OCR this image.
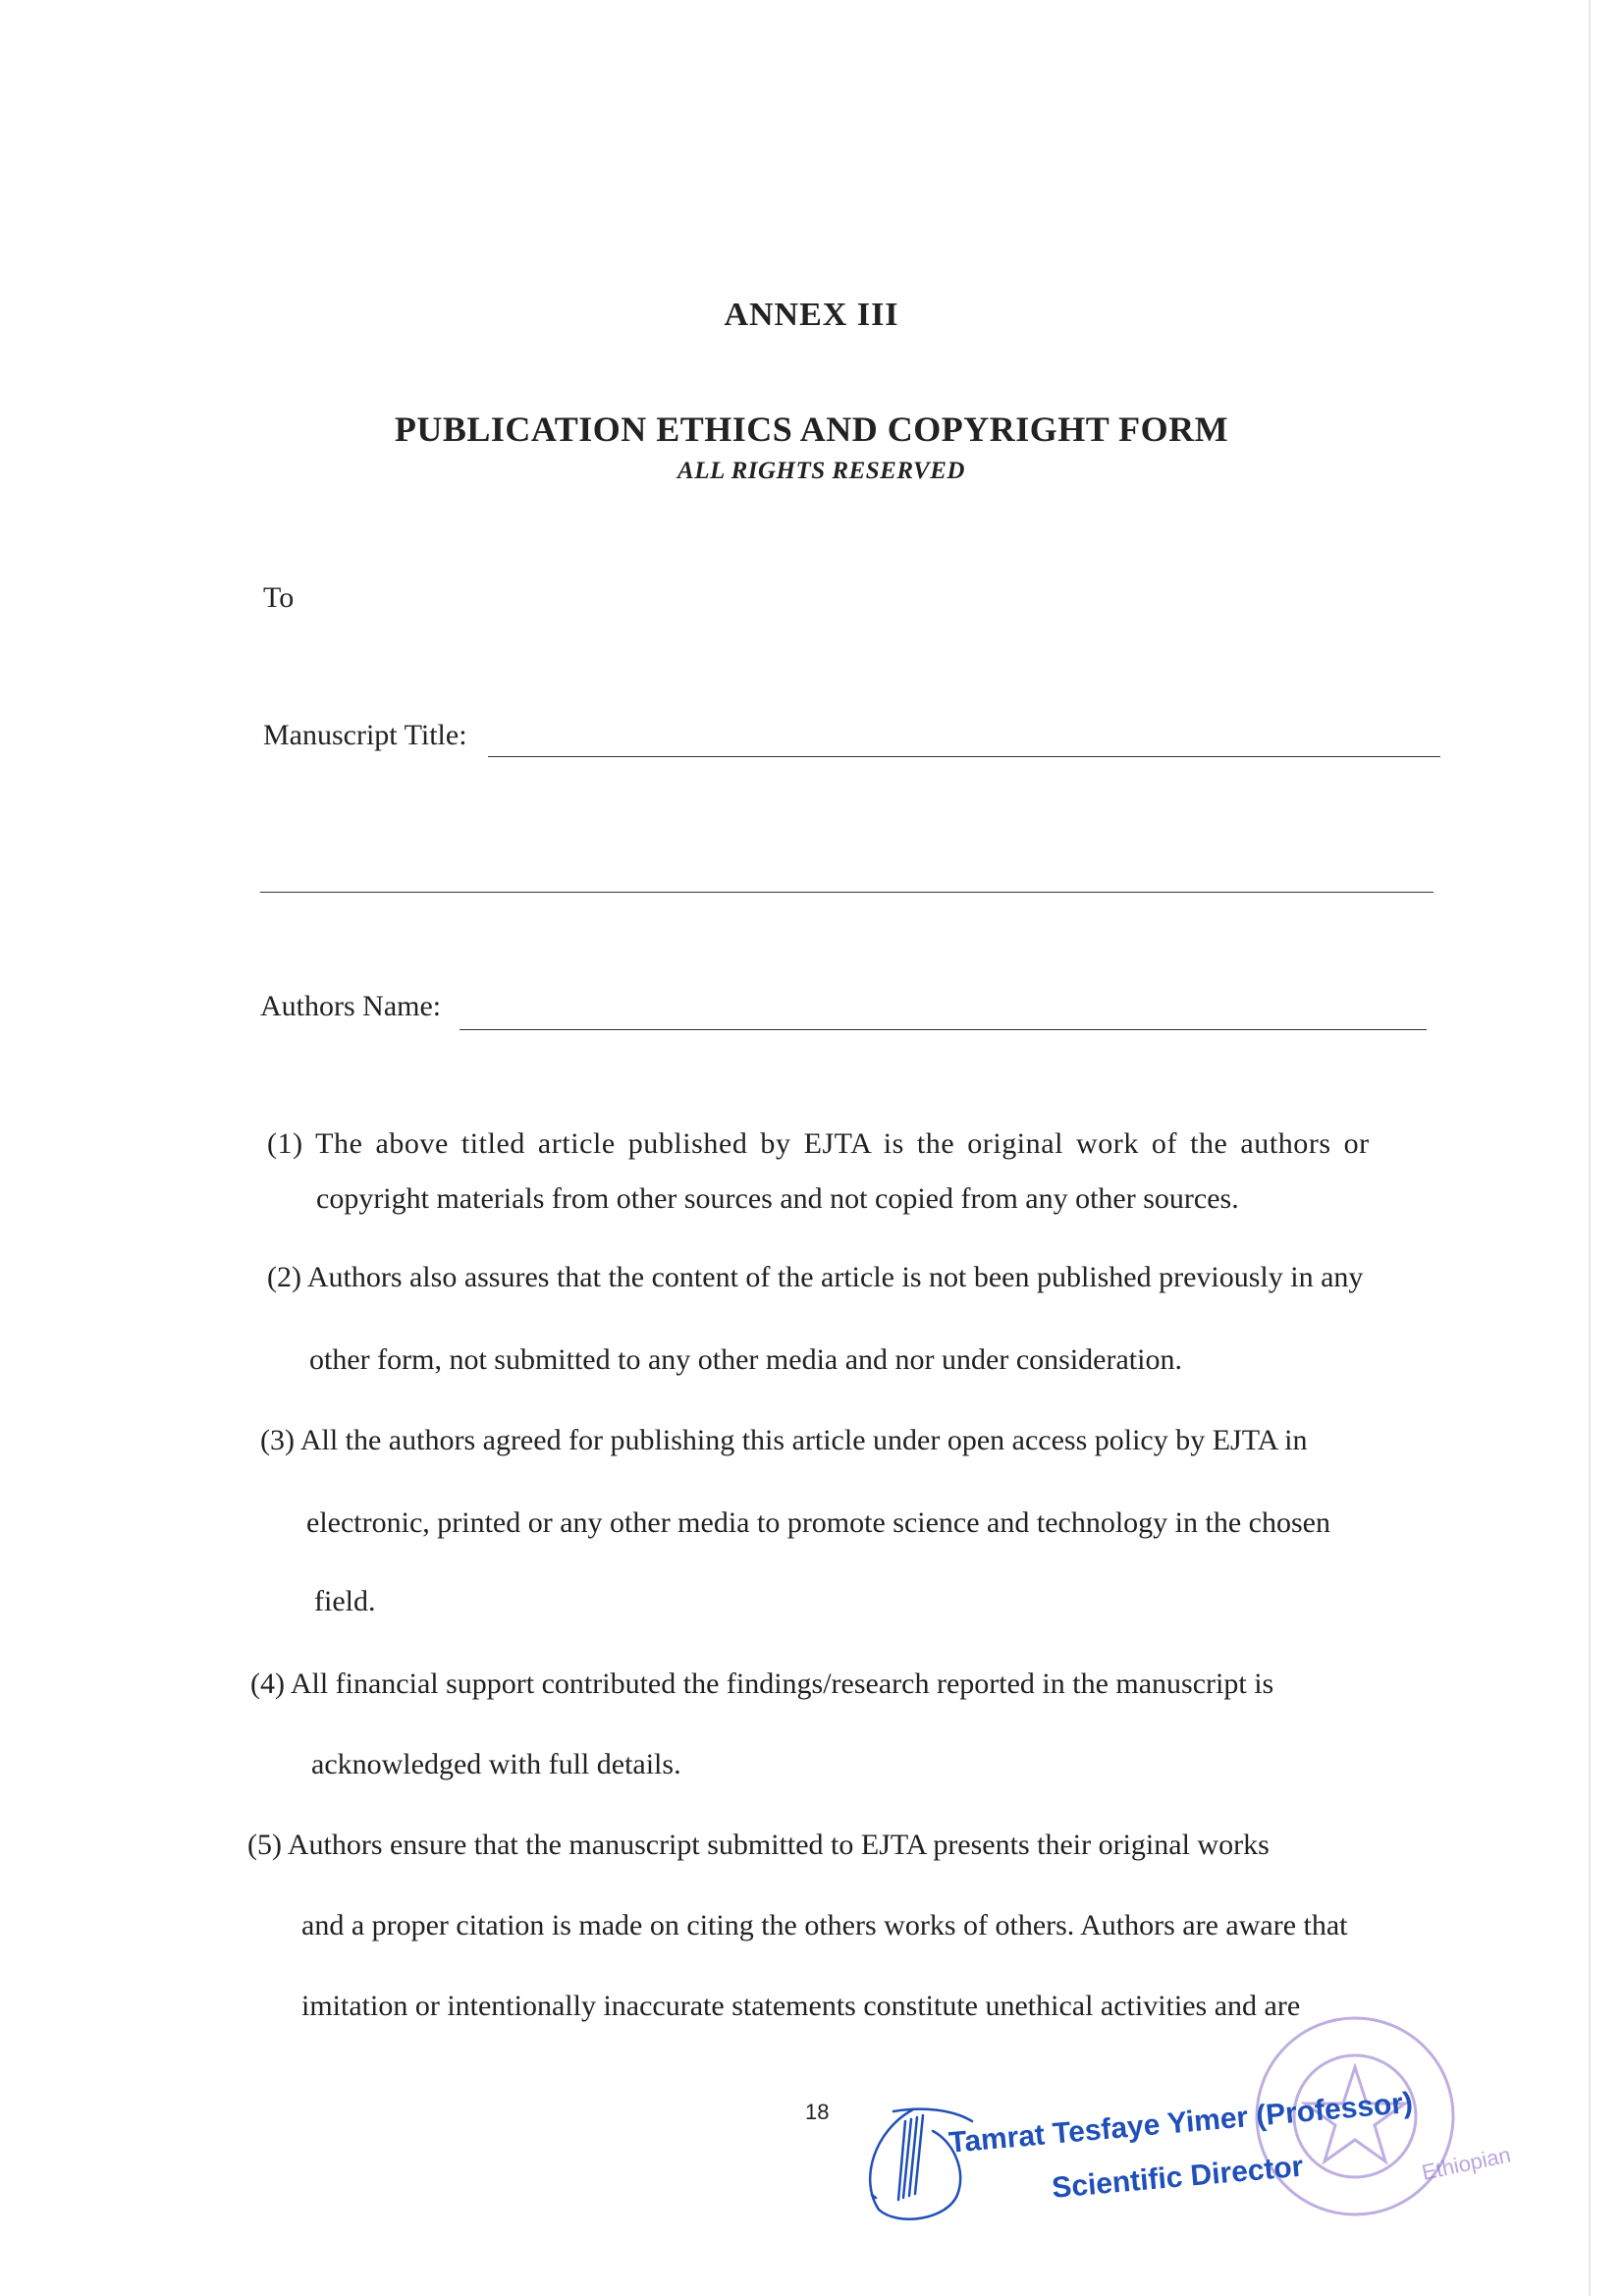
ANNEX III
PUBLICATION ETHICS AND COPYRIGHT FORM
ALL RIGHTS RESERVED
To
Manuscript Title:
Authors Name:
(1) The above titled article published by EJTA is the original work of the authors or
copyright materials from other sources and not copied from any other sources.
(2) Authors also assures that the content of the article is not been published previously in any
other form, not submitted to any other media and nor under consideration.
(3) All the authors agreed for publishing this article under open access policy by EJTA in
electronic, printed or any other media to promote science and technology in the chosen
field.
(4) All financial support contributed the findings/research reported in the manuscript is
acknowledged with full details.
(5) Authors ensure that the manuscript submitted to EJTA presents their original works
and a proper citation is made on citing the others works of others. Authors are aware that
imitation or intentionally inaccurate statements constitute unethical activities and are
18
Ethiopian
Tamrat Tesfaye Yimer (Professor)
Scientific Director
